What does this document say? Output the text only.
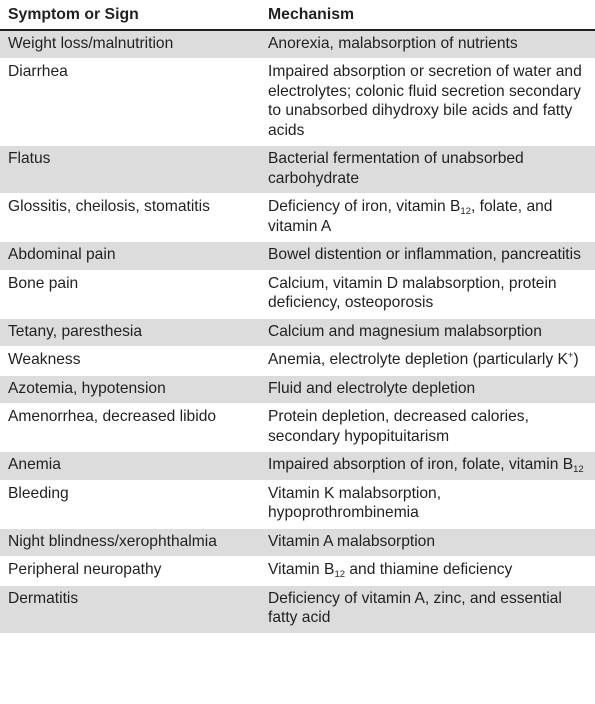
Symptom or Sign	Mechanism
Weight loss/malnutrition	Anorexia, malabsorption of nutrients
Diarrhea	Impaired absorption or secretion of water and electrolytes; colonic fluid secretion secondary to unabsorbed dihydroxy bile acids and fatty acids
Flatus	Bacterial fermentation of unabsorbed carbohydrate
Glossitis, cheilosis, stomatitis	Deficiency of iron, vitamin $B_{12}$, folate, and vitamin A
Abdominal pain	Bowel distention or inflammation, pancreatitis
Bone pain	Calcium, vitamin D malabsorption, protein deficiency, osteoporosis
Tetany, paresthesia	Calcium and magnesium malabsorption
Weakness	Anemia, electrolyte depletion (particularly K+)
Azotemia, hypotension	Fluid and electrolyte depletion
Amenorrhea, decreased libido	Protein depletion, decreased calories, secondary hypopituitarism
Anemia	Impaired absorption of iron, folate, vitamin $B_{12}$
Bleeding	Vitamin K malabsorption, hypoprothrombinemia
Night blindness/xerophthalmia	Vitamin A malabsorption
Peripheral neuropathy	Vitamin $B_{12}$ and thiamine deficiency
Dermatitis	Deficiency of vitamin A, zinc, and essential fatty acid
